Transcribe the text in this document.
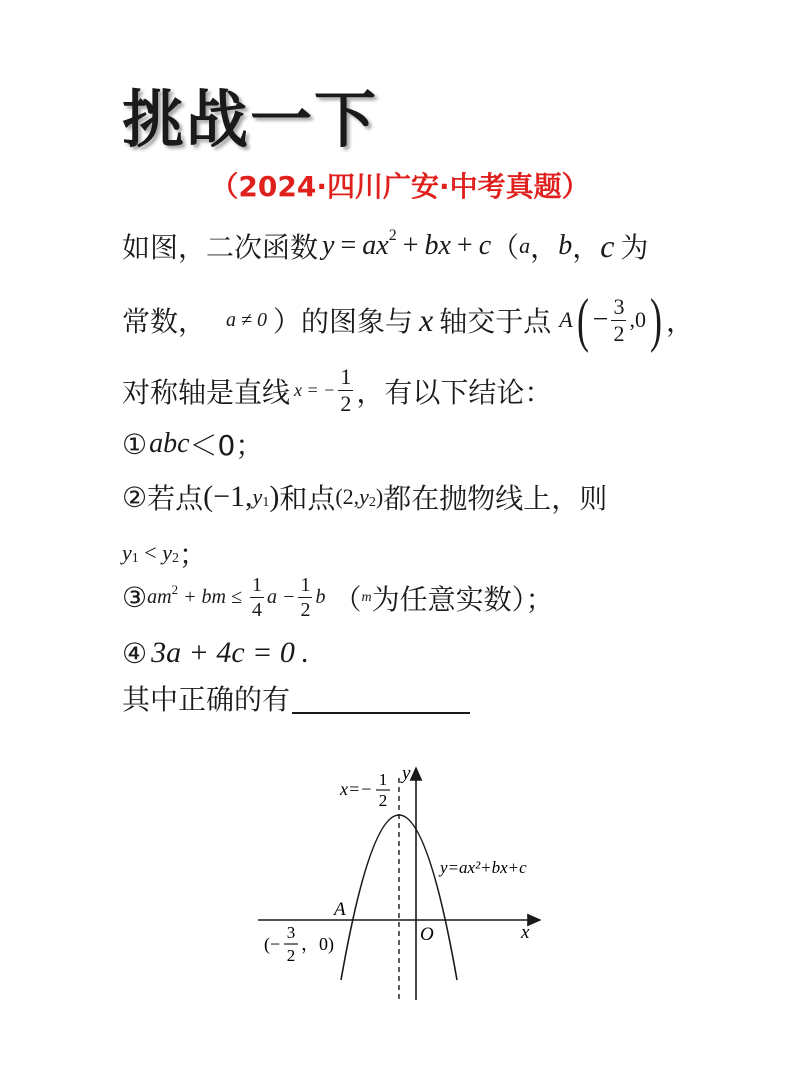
挑战一下
（2024·四川广安·中考真题）
如图，二次函数 $y = ax^2$ + bx + c （ a ， b ， c 为
常数， a ≠ 0 ）的图象与 x 轴交于点 A ( − $\frac{3}{2} ,0$ ) ，
对称轴是直线 x = − $\frac{1}{2}$ ，有以下结论：
① abc ＜0；
② 若点 (−1, $y_1$ ) 和点 (2, $y_2$ ) 都在抛物线上，则
$y_1 < y_2$ ；
③ $am^2$ + bm ≤ $\frac{1}{4}$ $a - \frac{1}{2}$ b （ m 为任意实数）；
④ 3a + 4c = 0 .
其中正确的有
x=− 1
2
y
x
O
A
(−
3
2
，0)
y=ax²+bx+c
